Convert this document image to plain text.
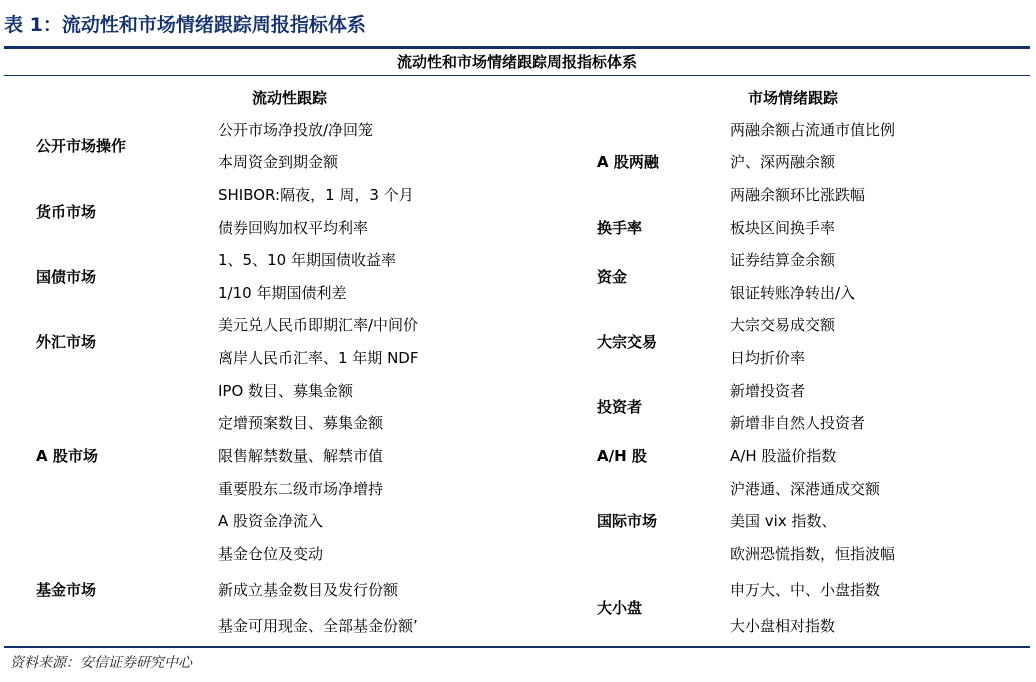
表 1：流动性和市场情绪跟踪周报指标体系
流动性和市场情绪跟踪周报指标体系
流动性跟踪	市场情绪跟踪
公开市场操作
货币市场
国债市场
外汇市场
A 股市场
基金市场
公开市场净投放/净回笼
本周资金到期金额
SHIBOR:隔夜，1 周，3 个月
债券回购加权平均利率
1、5、10 年期国债收益率
1/10 年期国债利差
美元兑人民币即期汇率/中间价
离岸人民币汇率、1 年期 NDF
IPO 数目、募集金额
定增预案数目、募集金额
限售解禁数量、解禁市值
重要股东二级市场净增持
A 股资金净流入
基金仓位及变动
新成立基金数目及发行份额
基金可用现金、全部基金份额’
A 股两融
换手率
资金
大宗交易
投资者
A/H 股
国际市场
大小盘
两融余额占流通市值比例
沪、深两融余额
两融余额环比涨跌幅
板块区间换手率
证券结算金余额
银证转账净转出/入
大宗交易成交额
日均折价率
新增投资者
新增非自然人投资者
A/H 股溢价指数
沪港通、深港通成交额
美国 vix 指数、
欧洲恐慌指数，恒指波幅
申万大、中、小盘指数
大小盘相对指数
资料来源：安信证券研究中心
